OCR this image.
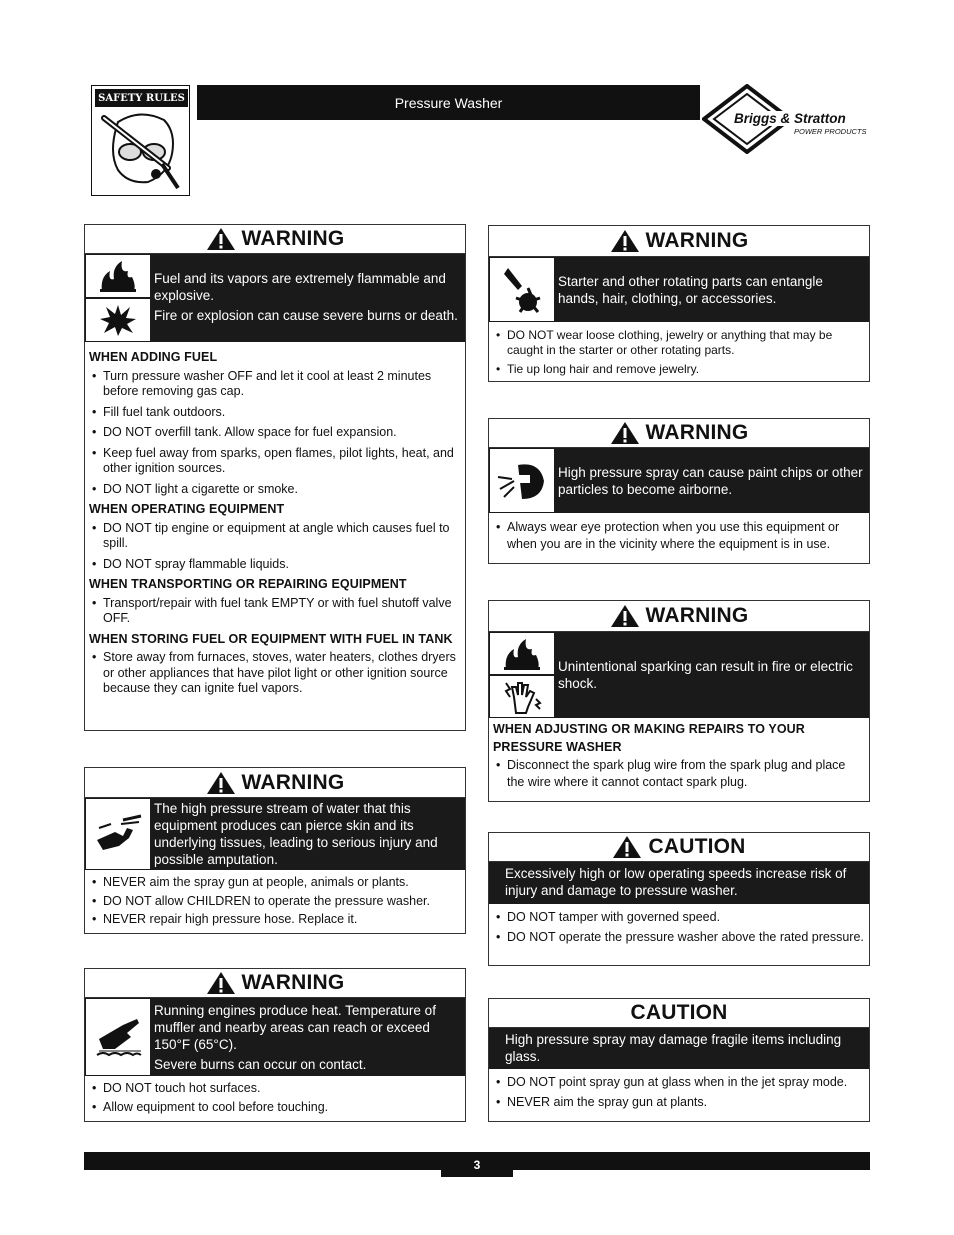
SAFETY RULES	Pressure Washer
Briggs & Stratton
POWER PRODUCTS
WARNING

Fuel and its vapors are extremely flammable and explosive.

Fire or explosion can cause severe burns or death.

WHEN ADDING FUEL
• Turn pressure washer OFF and let it cool at least 2 minutes before removing gas cap.
• Fill fuel tank outdoors.
• DO NOT overfill tank. Allow space for fuel expansion.
• Keep fuel away from sparks, open flames, pilot lights, heat, and other ignition sources.
• DO NOT light a cigarette or smoke.
WHEN OPERATING EQUIPMENT
• DO NOT tip engine or equipment at angle which causes fuel to spill.
• DO NOT spray flammable liquids.
WHEN TRANSPORTING OR REPAIRING EQUIPMENT
• Transport/repair with fuel tank EMPTY or with fuel shutoff valve OFF.
WHEN STORING FUEL OR EQUIPMENT WITH FUEL IN TANK
• Store away from furnaces, stoves, water heaters, clothes dryers or other appliances that have pilot light or other ignition source because they can ignite fuel vapors.
WARNING

The high pressure stream of water that this equipment produces can pierce skin and its underlying tissues, leading to serious injury and possible amputation.

• NEVER aim the spray gun at people, animals or plants.
• DO NOT allow CHILDREN to operate the pressure washer.
• NEVER repair high pressure hose. Replace it.
WARNING

Running engines produce heat. Temperature of muffler and nearby areas can reach or exceed 150°F (65°C).

Severe burns can occur on contact.

• DO NOT touch hot surfaces.
• Allow equipment to cool before touching.
WARNING

Starter and other rotating parts can entangle hands, hair, clothing, or accessories.

• DO NOT wear loose clothing, jewelry or anything that may be caught in the starter or other rotating parts.
• Tie up long hair and remove jewelry.
WARNING

High pressure spray can cause paint chips or other particles to become airborne.

• Always wear eye protection when you use this equipment or when you are in the vicinity where the equipment is in use.
WARNING

Unintentional sparking can result in fire or electric shock.

WHEN ADJUSTING OR MAKING REPAIRS TO YOUR PRESSURE WASHER
• Disconnect the spark plug wire from the spark plug and place the wire where it cannot contact spark plug.
CAUTION

Excessively high or low operating speeds increase risk of injury and damage to pressure washer.

• DO NOT tamper with governed speed.
• DO NOT operate the pressure washer above the rated pressure.
CAUTION

High pressure spray may damage fragile items including glass.

• DO NOT point spray gun at glass when in the jet spray mode.
• NEVER aim the spray gun at plants.
3
